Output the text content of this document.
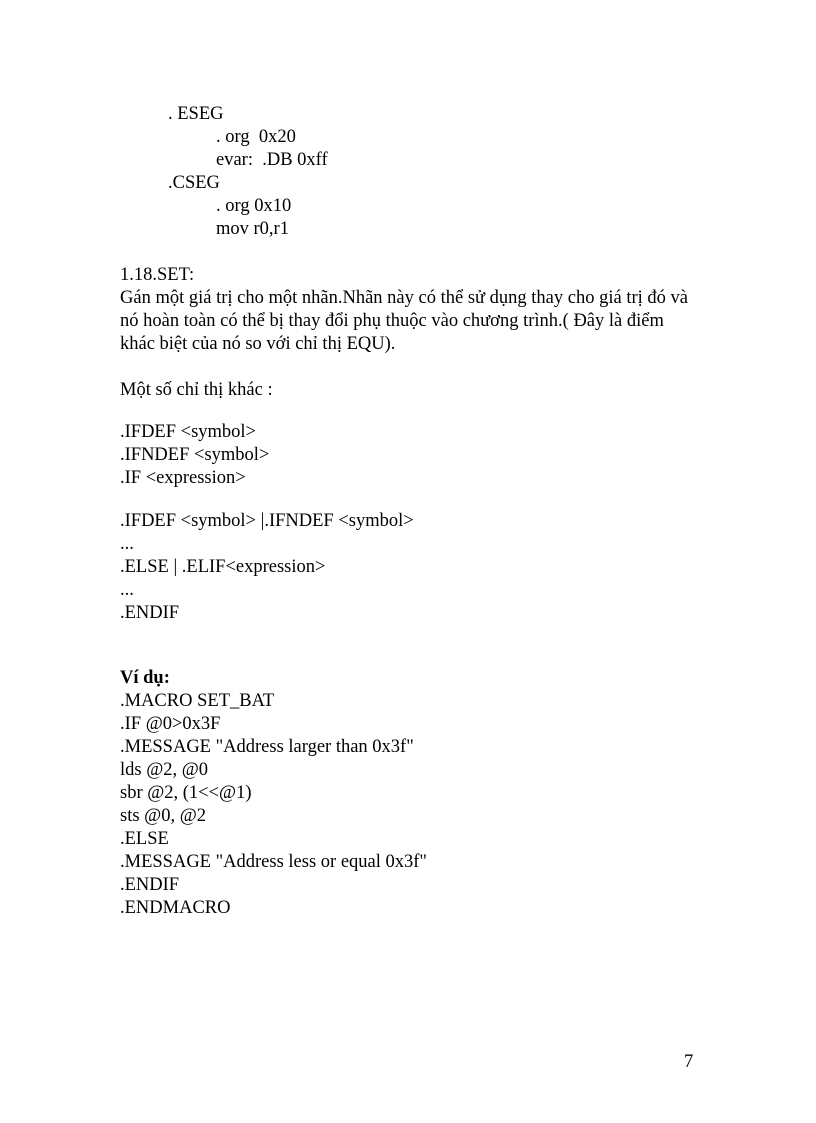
. ESEG
. org  0x20
evar:  .DB 0xff
.CSEG
. org 0x10
mov r0,r1
1.18.SET:
Gán một giá trị cho một nhãn.Nhãn này có thể sử dụng thay cho giá trị đó và
nó hoàn toàn có thể bị thay đổi phụ thuộc vào chương trình.( Đây là điểm
khác biệt của nó so với chỉ thị EQU).
Một số chỉ thị khác :
.IFDEF <symbol>
.IFNDEF <symbol>
.IF <expression>
.IFDEF <symbol> |.IFNDEF <symbol>
...
.ELSE | .ELIF<expression>
...
.ENDIF
Ví dụ:
.MACRO SET_BAT
.IF @0>0x3F
.MESSAGE "Address larger than 0x3f"
lds @2, @0
sbr @2, (1<<@1)
sts @0, @2
.ELSE
.MESSAGE "Address less or equal 0x3f"
.ENDIF
.ENDMACRO
7
